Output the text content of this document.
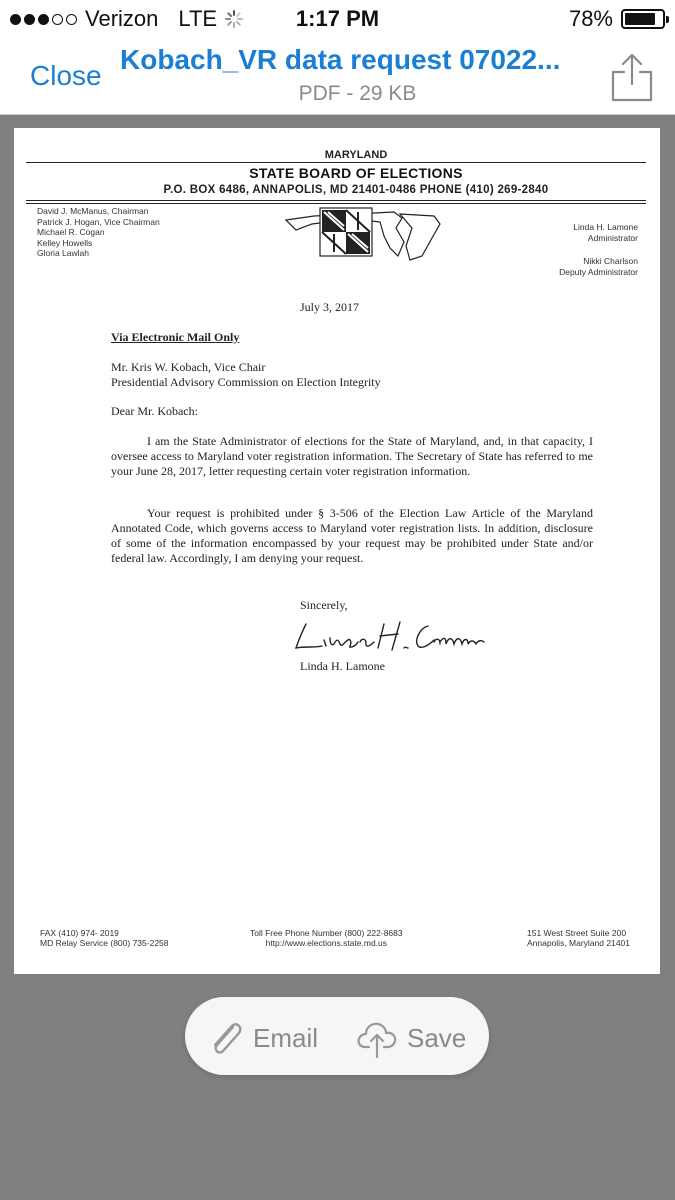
Verizon LTE	1:17 PM	78%
Close
Kobach_VR data request 07022...
PDF - 29 KB
MARYLAND
STATE BOARD OF ELECTIONS
P.O. BOX 6486, ANNAPOLIS, MD 21401-0486 PHONE (410) 269-2840
David J. McManus, Chairman
Patrick J. Hogan, Vice Chairman
Michael R. Cogan
Kelley Howells
Gloria Lawlah
Linda H. Lamone
Administrator
Nikki Charlson
Deputy Administrator
July 3, 2017
Via Electronic Mail Only
Mr. Kris W. Kobach, Vice Chair
Presidential Advisory Commission on Election Integrity
Dear Mr. Kobach:
I am the State Administrator of elections for the State of Maryland, and, in that capacity, I oversee access to Maryland voter registration information. The Secretary of State has referred to me your June 28, 2017, letter requesting certain voter registration information.
Your request is prohibited under § 3-506 of the Election Law Article of the Maryland Annotated Code, which governs access to Maryland voter registration lists. In addition, disclosure of some of the information encompassed by your request may be prohibited under State and/or federal law. Accordingly, I am denying your request.
Sincerely,
Linda H. Lamone
FAX (410) 974- 2019
MD Relay Service (800) 735-2258
Toll Free Phone Number (800) 222-8683
http://www.elections.state.md.us
151 West Street Suite 200
Annapolis, Maryland 21401
Email	Save
